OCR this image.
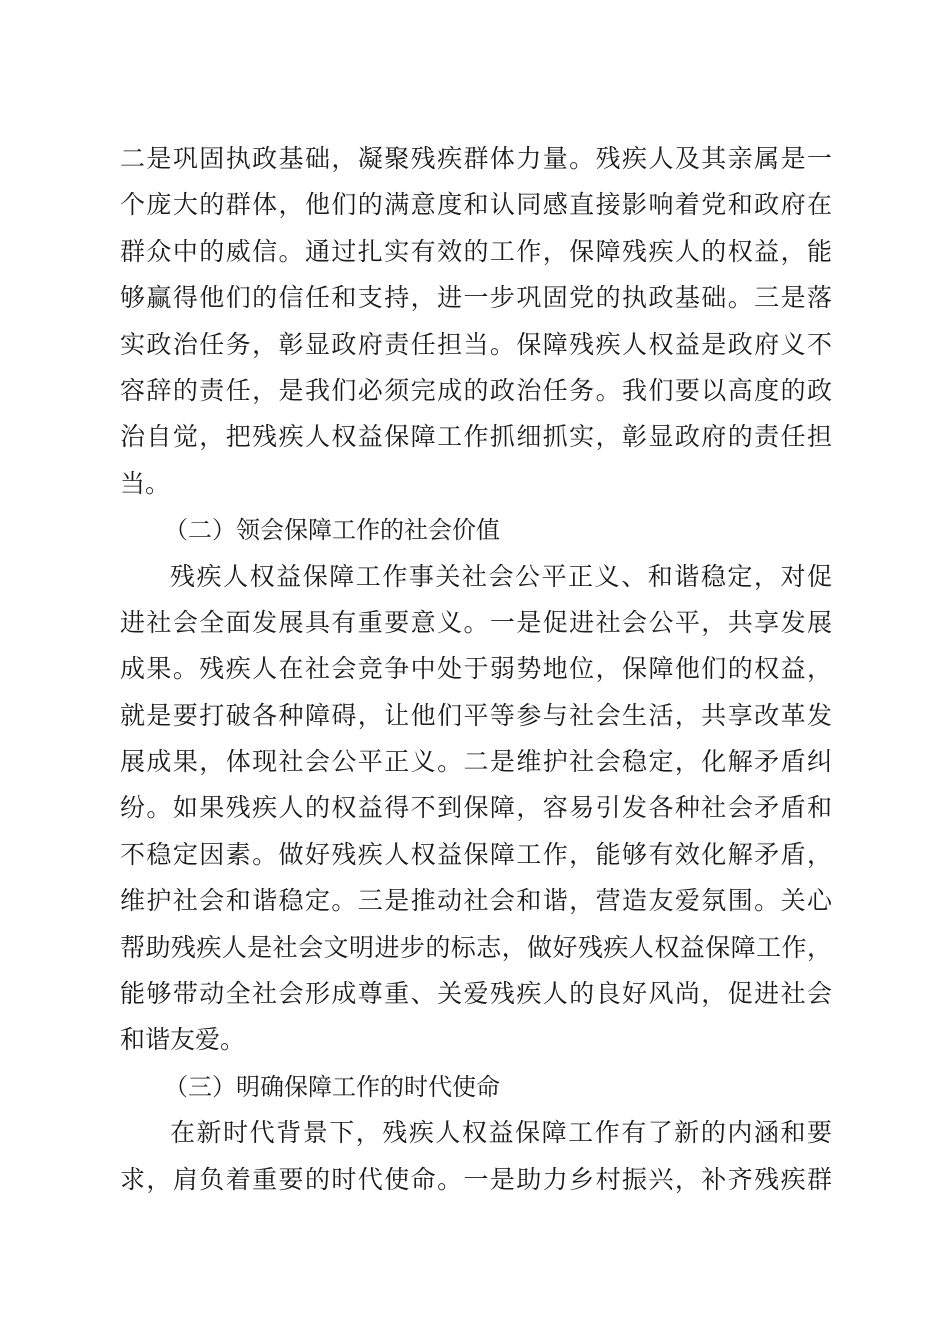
二是巩固执政基础，凝聚残疾群体力量。残疾人及其亲属是一
个庞大的群体，他们的满意度和认同感直接影响着党和政府在
群众中的威信。通过扎实有效的工作，保障残疾人的权益，能
够赢得他们的信任和支持，进一步巩固党的执政基础。三是落
实政治任务，彰显政府责任担当。保障残疾人权益是政府义不
容辞的责任，是我们必须完成的政治任务。我们要以高度的政
治自觉，把残疾人权益保障工作抓细抓实，彰显政府的责任担
当。
（二）领会保障工作的社会价值
残疾人权益保障工作事关社会公平正义、和谐稳定，对促
进社会全面发展具有重要意义。一是促进社会公平，共享发展
成果。残疾人在社会竞争中处于弱势地位，保障他们的权益，
就是要打破各种障碍，让他们平等参与社会生活，共享改革发
展成果，体现社会公平正义。二是维护社会稳定，化解矛盾纠
纷。如果残疾人的权益得不到保障，容易引发各种社会矛盾和
不稳定因素。做好残疾人权益保障工作，能够有效化解矛盾，
维护社会和谐稳定。三是推动社会和谐，营造友爱氛围。关心
帮助残疾人是社会文明进步的标志，做好残疾人权益保障工作，
能够带动全社会形成尊重、关爱残疾人的良好风尚，促进社会
和谐友爱。
（三）明确保障工作的时代使命
在新时代背景下，残疾人权益保障工作有了新的内涵和要
求，肩负着重要的时代使命。一是助力乡村振兴，补齐残疾群
